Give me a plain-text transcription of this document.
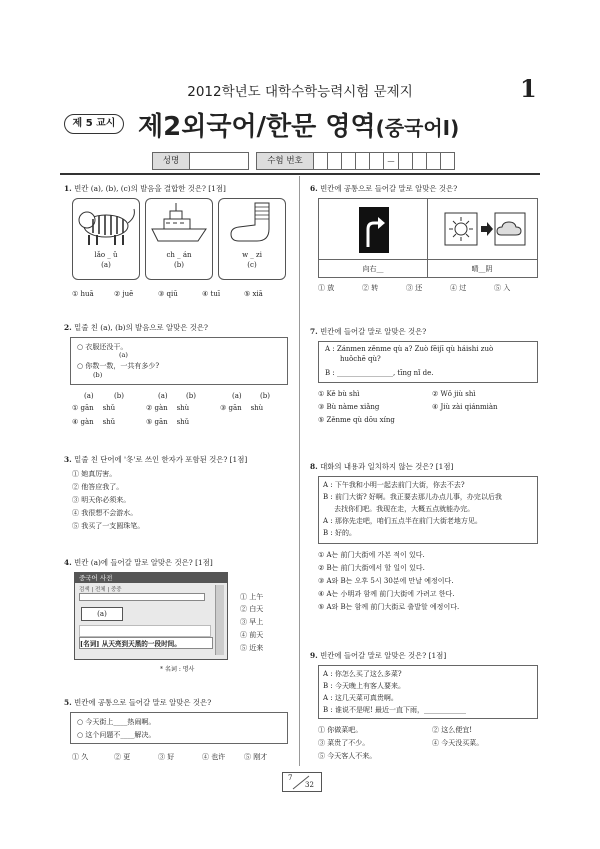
2012학년도 대학수학능력시험 문제지	1
제 5 교시 제2외국어/한문 영역(중국어Ⅰ)
성명	수험 번호	—
1. 빈칸 (a), (b), (c)의 발음을 결합한 것은? [1점]
lǎo _ ǔ
(a)
ch _ án
(b)
w _ zi
(c)
① huā	② juē	③ qiū	④ tuī	⑤ xiā
2. 밑줄 친 (a), (b)의 발음으로 알맞은 것은?
○ 衣服还没干。
(a)
○ 你数一数，一共有多少?
(b)
(a)	(b)	(a)	(b)	(a)	(b)
① gān shǔ	② gàn shù	③ gān shù
④ gàn shǔ	⑤ gān shǔ
3. 밑줄 친 단어에 '冬'로 쓰인 한자가 포함된 것은? [1점]
① 她真厉害。
② 他答应我了。
③ 明天你必须来。
④ 我很想不会游水。
⑤ 我买了一支圆珠笔。
4. 빈칸 (a)에 들어갈 말로 알맞은 것은? [1점]
중국어 사전
검색 | 전체 | 중중
(a)
[名词] 从天亮到天黑的一段时间。
* 名词 : 명사
① 上午
② 白天
③ 早上
④ 前天
⑤ 近来
5. 빈칸에 공통으로 들어갈 말로 알맞은 것은?
○ 今天街上____热闹啊。
○ 这个问题不____解决。
① 久	② 更	③ 好	④ 也许	⑤ 刚才
6. 빈칸에 공통으로 들어갈 말로 알맞은 것은?
向右__	晴__阴
① 放	② 转	③ 还	④ 过	⑤ 入
7. 빈칸에 들어갈 말로 알맞은 것은?
A : Zánmen zěnme qù a? Zuò fēijī qù háishi zuò
huǒchē qù?
B : ________________, tīng nǐ de.
① Kě bù shì	② Wǒ jiù shì
③ Bù nàme xiǎng	④ Jiù zài qiánmiàn
⑤ Zěnme qù dōu xíng
8. 대화의 내용과 일치하지 않는 것은? [1점]
A : 下午我和小明一起去前门大街，你去不去?
B : 前门大街? 好啊。我正要去那儿办点儿事，办完以后我
去找你们吧。我现在走，大概五点就能办完。
A : 那你先走吧，咱们五点半在前门大街老地方见。
B : 好的。
① A는 前门大街에 가본 적이 있다.
② B는 前门大街에서 할 일이 있다.
③ A와 B는 오후 5시 30분에 만날 예정이다.
④ A는 小明과 함께 前门大街에 가려고 한다.
⑤ A와 B는 함께 前门大街로 출발할 예정이다.
9. 빈칸에 들어갈 말로 알맞은 것은? [1점]
A : 你怎么买了这么多菜?
B : 今天晚上有客人要来。
A : 这几天菜可真贵啊。
B : 谁说不是呢! 最近一直下雨，____________
① 你做菜吧。	② 这么便宜!
③ 菜贵了不少。	④ 今天没买菜。
⑤ 今天客人不来。
7
32
